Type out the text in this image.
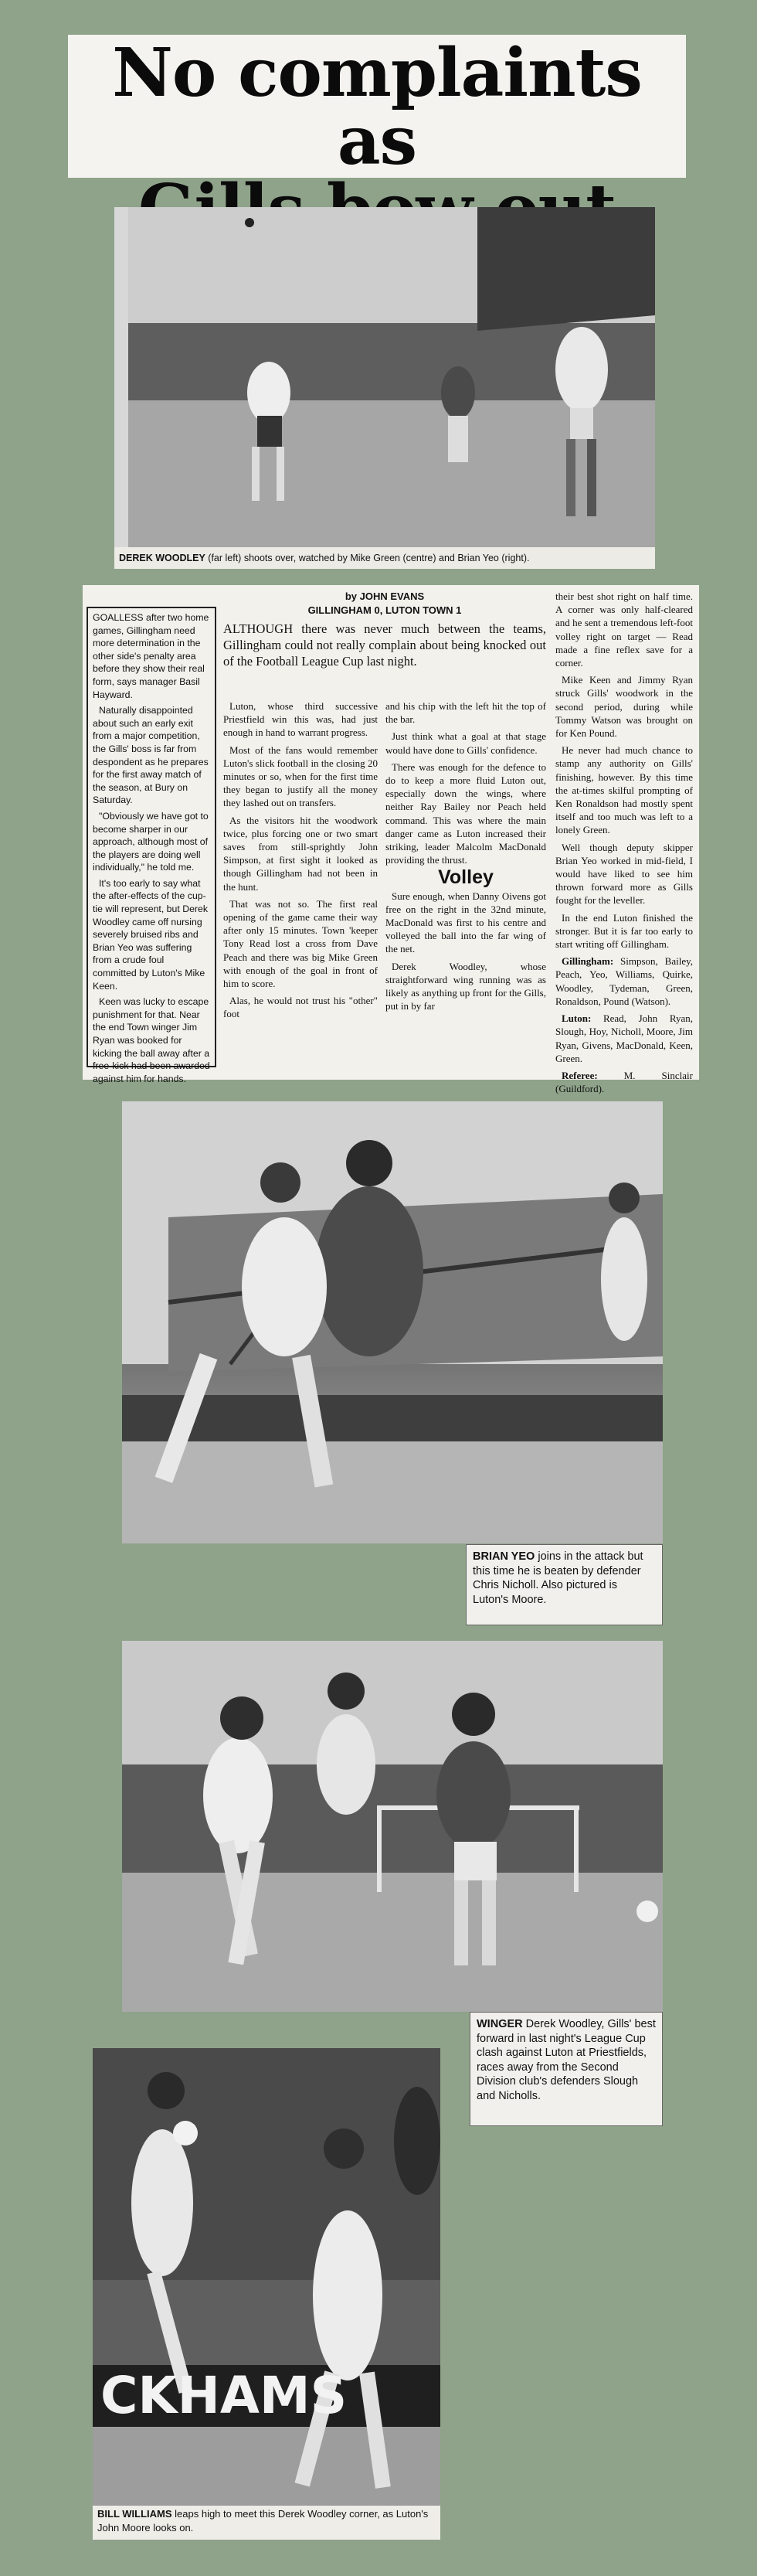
No complaints as
DEREK WOODLEY (far left) shoots over, watched by Mike Green (centre) and Brian Yeo (right).

GOALLESS after two home games, Gillingham need more determination in the other side's penalty area before they show their real form, says manager Basil Hayward.

Naturally disappointed about such an early exit from a major competition, the Gills' boss is far from despondent as he prepares for the first away match of the season, at Bury on Saturday.

"Obviously we have got to become sharper in our approach, although most of the players are doing well individually," he told me.

It's too early to say what the after-effects of the cup-tie will represent, but Derek Woodley came off nursing severely bruised ribs and Brian Yeo was suffering from a crude foul committed by Luton's Mike Keen.

Keen was lucky to escape punishment for that. Near the end Town winger Jim Ryan was booked for kicking the ball away after a free-kick had been awarded against him for hands.

by JOHN EVANS
GILLINGHAM 0, LUTON TOWN 1
ALTHOUGH there was never much between the teams, Gillingham could not really complain about being knocked out of the Football League Cup last night.

Luton, whose third successive Priestfield win this was, had just enough in hand to warrant progress.

Most of the fans would remember Luton's slick football in the closing 20 minutes or so, when for the first time they began to justify all the money they lashed out on transfers.

As the visitors hit the woodwork twice, plus forcing one or two smart saves from still-sprightly John Simpson, at first sight it looked as though Gillingham had not been in the hunt.

That was not so. The first real opening of the game came their way after only 15 minutes. Town 'keeper Tony Read lost a cross from Dave Peach and there was big Mike Green with enough of the goal in front of him to score.

Alas, he would not trust his "other" foot

and his chip with the left hit the top of the bar.

Just think what a goal at that stage would have done to Gills' confidence.

There was enough for the defence to do to keep a more fluid Luton out, especially down the wings, where neither Ray Bailey nor Peach held command. This was where the main danger came as Luton increased their striking, leader Malcolm MacDonald providing the thrust.

Volley

Sure enough, when Danny Oivens got free on the right in the 32nd minute, MacDonald was first to his centre and volleyed the ball into the far wing of the net.

Derek Woodley, whose straightforward wing running was as likely as anything up front for the Gills, put in by far

their best shot right on half time. A corner was only half-cleared and he sent a tremendous left-foot volley right on target — Read made a fine reflex save for a corner.

Mike Keen and Jimmy Ryan struck Gills' woodwork in the second period, during while Tommy Watson was brought on for Ken Pound.

He never had much chance to stamp any authority on Gills' finishing, however. By this time the at-times skilful prompting of Ken Ronaldson had mostly spent itself and too much was left to a lonely Green.

Well though deputy skipper Brian Yeo worked in mid-field, I would have liked to see him thrown forward more as Gills fought for the leveller.

In the end Luton finished the stronger. But it is far too early to start writing off Gillingham.

Gillingham: Simpson, Bailey, Peach, Yeo, Williams, Quirke, Woodley, Tydeman, Green, Ronaldson, Pound (Watson).

Luton: Read, John Ryan, Slough, Hoy, Nicholl, Moore, Jim Ryan, Givens, MacDonald, Keen, Green.

Referee: M. Sinclair (Guildford).

BRIAN YEO joins in the attack but this time he is beaten by defender Chris Nicholl. Also pictured is Luton's Moore.
WINGER Derek Woodley, Gills' best forward in last night's League Cup clash against Luton at Priestfields, races away from the Second Division club's defenders Slough and Nicholls.
CKHAMS
BILL WILLIAMS leaps high to meet this Derek Woodley corner, as Luton's John Moore looks on.
